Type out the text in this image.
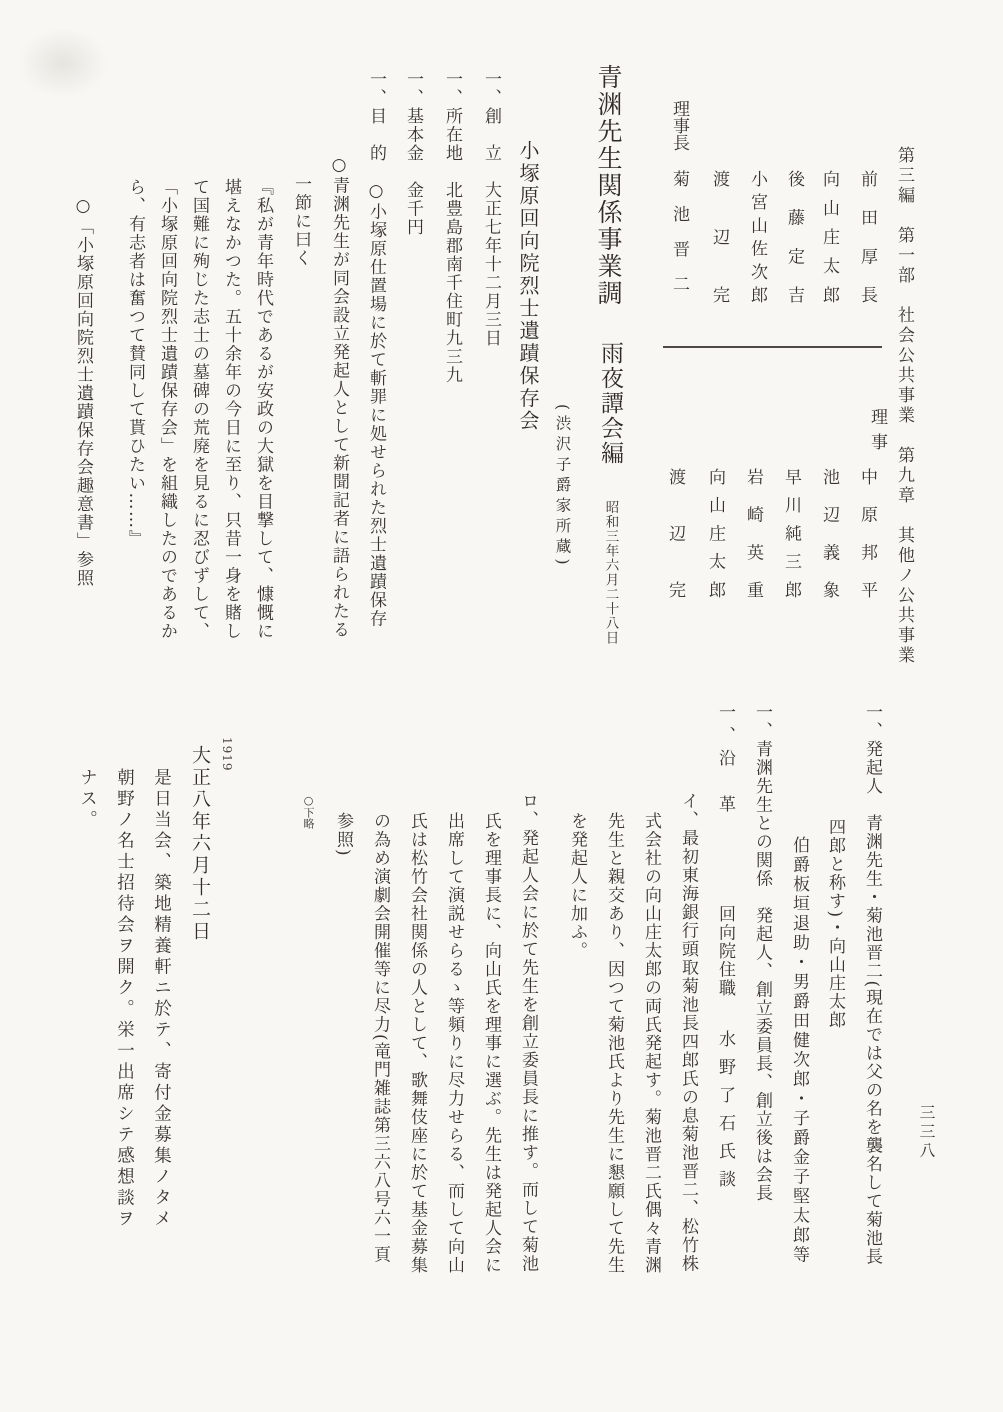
第三編　第一部　社会公共事業　第九章　其他ノ公共事業
三三八
前田厚長
向山庄太郎
後藤定吉
小宮山佐次郎
渡辺完
理事長
菊池晋二
理事
中原邦平
池辺義象
早川純三郎
岩崎英重
向山庄太郎
渡辺完
青渊先生関係事業調
雨夜譚会編
昭和三年六月二十八日
(渋沢子爵家所蔵)
小塚原回向院烈士遺蹟保存会
一、創　立　大正七年十二月三日
一、所在地　北豊島郡南千住町九三九
一、基本金　金千円
一、目　的　○小塚原仕置場に於て斬罪に処せられた烈士遺蹟保存
○青渊先生が同会設立発起人として新聞記者に語られたる
一節に曰く
『私が青年時代であるが安政の大獄を目撃して、慷慨に
堪えなかつた。五十余年の今日に至り、只昔一身を賭し
て国難に殉じた志士の墓碑の荒廃を見るに忍びずして、
「小塚原回向院烈士遺蹟保存会」を組織したのであるか
ら、有志者は奮つて賛同して貰ひたい……』
○「小塚原回向院烈士遺蹟保存会趣意書」参照
一、発起人　青渊先生・菊池晋二(現在では父の名を襲名して菊池長
四郎と称す)・向山庄太郎
伯爵板垣退助・男爵田健次郎・子爵金子堅太郎等
一、青渊先生との関係　発起人、創立委員長、創立後は会長
一、沿　革
回向院住職
水野了石氏談
イ、最初東海銀行頭取菊池長四郎氏の息菊池晋二、松竹株
式会社の向山庄太郎の両氏発起す。菊池晋二氏偶々青渊
先生と親交あり、因つて菊池氏より先生に懇願して先生
を発起人に加ふ。
ロ、発起人会に於て先生を創立委員長に推す。而して菊池
氏を理事長に、向山氏を理事に選ぶ。先生は発起人会に
出席して演説せらるゝ等頻りに尽力せらる、而して向山
氏は松竹会社関係の人として、歌舞伎座に於て基金募集
の為め演劇会開催等に尽力(竜門雑誌第三六八号六一頁
参照)
○下略
1919
大正八年六月十二日
是日当会、築地精養軒ニ於テ、寄付金募集ノタメ
朝野ノ名士招待会ヲ開ク。栄一出席シテ感想談ヲ
ナス。
